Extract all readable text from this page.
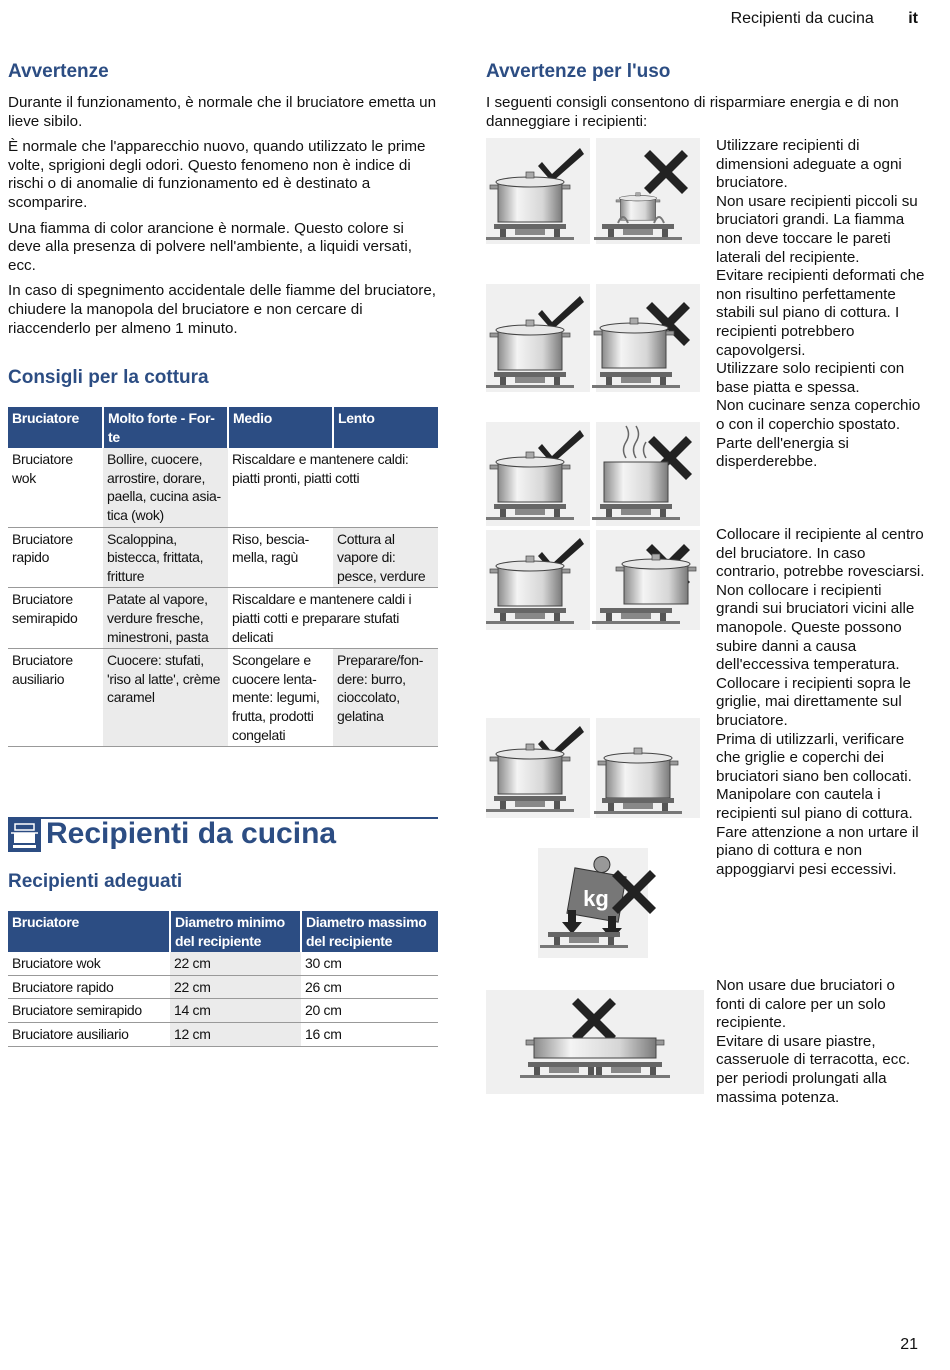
Recipienti da cucina it
Avvertenze

Durante il funzionamento, è normale che il bruciatore emetta un lieve sibilo.

È normale che l'apparecchio nuovo, quando utilizzato le prime volte, sprigioni degli odori. Questo fenomeno non è indice di rischi o di anomalie di funzionamento ed è destinato a scomparire.

Una fiamma di color arancione è normale. Questo colore si deve alla presenza di polvere nell'ambiente, a liquidi versati, ecc.

In caso di spegnimento accidentale delle fiamme del bruciatore, chiudere la manopola del bruciatore e non cercare di riaccenderlo per almeno 1 minuto.

Consigli per la cottura
Bruciatore	Molto forte - For-te	Medio	Lento
Bruciatore wok	Bollire, cuocere, arrostire, dorare, paella, cucina asia-tica (wok)	Riscaldare e mantenere caldi: piatti pronti, piatti cotti	
Bruciatore rapido	Scaloppina, bistecca, frittata, fritture	Riso, bescia-mella, ragù	Cottura al vapore di: pesce, verdure
Bruciatore semirapido	Patate al vapore, verdure fresche, minestroni, pasta	Riscaldare e mantenere caldi i piatti cotti e preparare stufati delicati	
Bruciatore ausiliario	Cuocere: stufati, 'riso al latte', crème caramel	Scongelare e cuocere lenta-mente: legumi, frutta, prodotti congelati	Preparare/fon-dere: burro, cioccolato, gelatina
Recipienti da cucina
Recipienti adeguati
Bruciatore	Diametro minimo del recipiente	Diametro massimo del recipiente
Bruciatore wok	22 cm	30 cm
Bruciatore rapido	22 cm	26 cm
Bruciatore semirapido	14 cm	20 cm
Bruciatore ausiliario	12 cm	16 cm
Avvertenze per l'uso

I seguenti consigli consentono di risparmiare energia e di non danneggiare i recipienti:

kg

Utilizzare recipienti di dimensioni adeguate a ogni bruciatore.

Non usare recipienti piccoli su bruciatori grandi. La fiamma non deve toccare le pareti laterali del recipiente.

Evitare recipienti deformati che non risultino perfettamente stabili sul piano di cottura. I recipienti potrebbero capovolgersi.

Utilizzare solo recipienti con base piatta e spessa.

Non cucinare senza coperchio o con il coperchio spostato. Parte dell'energia si disperderebbe.

Collocare il recipiente al centro del bruciatore. In caso contrario, potrebbe rovesciarsi.

Non collocare i recipienti grandi sui bruciatori vicini alle manopole. Queste possono subire danni a causa dell'eccessiva temperatura.

Collocare i recipienti sopra le griglie, mai direttamente sul bruciatore.

Prima di utilizzarli, verificare che griglie e coperchi dei bruciatori siano ben collocati.

Manipolare con cautela i recipienti sul piano di cottura.

Fare attenzione a non urtare il piano di cottura e non appoggiarvi pesi eccessivi.

Non usare due bruciatori o fonti di calore per un solo recipiente.

Evitare di usare piastre, casseruole di terracotta, ecc. per periodi prolungati alla massima potenza.

21
